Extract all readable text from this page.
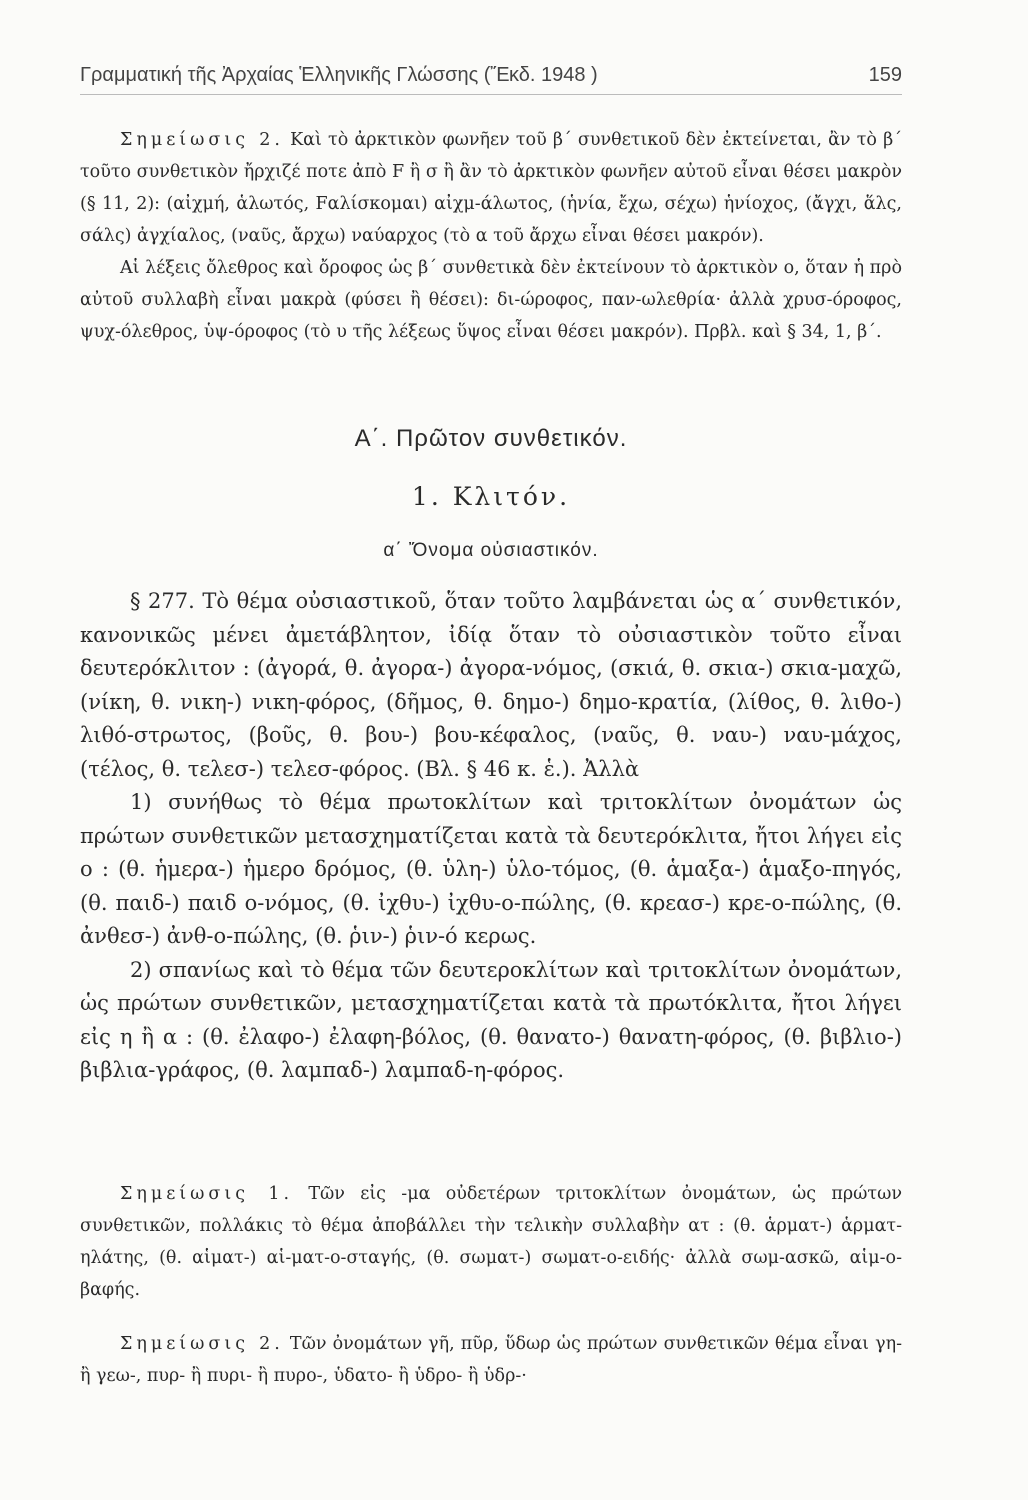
Γραμματική τῆς Ἀρχαίας Ἑλληνικῆς Γλώσσης (Ἔκδ. 1948 )	159

Σημείωσις 2. Καὶ τὸ ἀρκτικὸν φωνῆεν τοῦ β΄ συνθετικοῦ δὲν ἐκτείνεται, ἂν τὸ β΄ τοῦτο συνθετικὸν ἤρχιζέ ποτε ἀπὸ F ἢ σ ἢ ἂν τὸ ἀρκτικὸν φωνῆεν αὐτοῦ εἶναι θέσει μακρὸν (§ 11, 2): (αἰχμή, ἁλωτός, Fαλίσκομαι) αἰχμ-άλωτος, (ἡνία, ἔχω, σέχω) ἡνίοχος, (ἄγχι, ἅλς, σάλς) ἀγχίαλος, (ναῦς, ἄρχω) ναύαρχος (τὸ α τοῦ ἄρχω εἶναι θέσει μακρόν).

Αἱ λέξεις ὄλεθρος καὶ ὄροφος ὡς β΄ συνθετικὰ δὲν ἐκτείνουν τὸ ἀρκτικὸν ο, ὅταν ἡ πρὸ αὐτοῦ συλλαβὴ εἶναι μακρὰ (φύσει ἢ θέσει): δι-ώροφος, παν-ωλεθρία· ἀλλὰ χρυσ-όροφος, ψυχ-όλεθρος, ὑψ-όροφος (τὸ υ τῆς λέξεως ὕψος εἶναι θέσει μακρόν). Πρβλ. καὶ § 34, 1, β΄.

Α΄. Πρῶτον συνθετικόν.
1. Κλιτόν.
α΄ Ὄνομα οὐσιαστικόν.

§ 277. Τὸ θέμα οὐσιαστικοῦ, ὅταν τοῦτο λαμβάνεται ὡς α΄ συνθετικόν, κανονικῶς μένει ἀμετάβλητον, ἰδίᾳ ὅταν τὸ οὐσιαστικὸν τοῦτο εἶναι δευτερόκλιτον : (ἀγορά, θ. ἀγορα-) ἀγορα-νόμος, (σκιά, θ. σκια-) σκια-μαχῶ, (νίκη, θ. νικη-) νικη-φόρος, (δῆμος, θ. δημο-) δημο-κρατία, (λίθος, θ. λιθο-) λιθό-στρωτος, (βοῦς, θ. βου-) βου-κέφαλος, (ναῦς, θ. ναυ-) ναυ-μάχος, (τέλος, θ. τελεσ-) τελεσ-φόρος. (Βλ. § 46 κ. ἑ.). Ἀλλὰ

1) συνήθως τὸ θέμα πρωτοκλίτων καὶ τριτοκλίτων ὀνομάτων ὡς πρώτων συνθετικῶν μετασχηματίζεται κατὰ τὰ δευτερόκλιτα, ἤτοι λήγει εἰς ο : (θ. ἡμερα-) ἡμερο δρόμος, (θ. ὑλη-) ὑλο-τόμος, (θ. ἁμαξα-) ἁμαξο-πηγός, (θ. παιδ-) παιδ ο-νόμος, (θ. ἰχθυ-) ἰχθυ-ο-πώλης, (θ. κρεασ-) κρε-ο-πώλης, (θ. ἀνθεσ-) ἀνθ-ο-πώλης, (θ. ῥιν-) ῥιν-ό κερως.

2) σπανίως καὶ τὸ θέμα τῶν δευτεροκλίτων καὶ τριτοκλίτων ὀνομάτων, ὡς πρώτων συνθετικῶν, μετασχηματίζεται κατὰ τὰ πρωτόκλιτα, ἤτοι λήγει εἰς η ἢ α : (θ. ἐλαφο-) ἐλαφη-βόλος, (θ. θανατο-) θανατη-φόρος, (θ. βιβλιο-) βιβλια-γράφος, (θ. λαμπαδ-) λαμπαδ-η-φόρος.

Σημείωσις 1. Τῶν εἰς -μα οὐδετέρων τριτοκλίτων ὀνομάτων, ὡς πρώτων συνθετικῶν, πολλάκις τὸ θέμα ἀποβάλλει τὴν τελικὴν συλλαβὴν ατ : (θ. ἁρματ-) ἁρματ-ηλάτης, (θ. αἱματ-) αἱ-ματ-ο-σταγής, (θ. σωματ-) σωματ-ο-ειδής· ἀλλὰ σωμ-ασκῶ, αἱμ-ο-βαφής.

Σημείωσις 2. Τῶν ὀνομάτων γῆ, πῦρ, ὕδωρ ὡς πρώτων συνθετικῶν θέμα εἶναι γη- ἢ γεω-, πυρ- ἢ πυρι- ἢ πυρο-, ὑδατο- ἢ ὑδρο- ἢ ὑδρ-·
